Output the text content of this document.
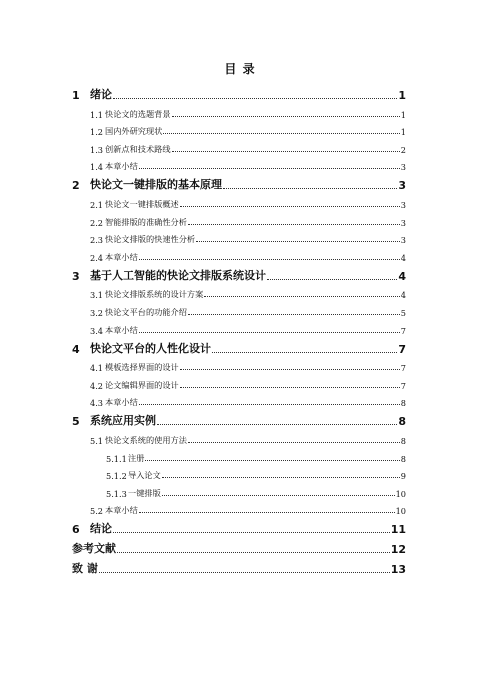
目 录
1 绪论	1
1.1 快论文的选题背景	1
1.2 国内外研究现状	1
1.3 创新点和技术路线	2
1.4 本章小结	3
2 快论文一键排版的基本原理	3
2.1 快论文一键排版概述	3
2.2 智能排版的准确性分析	3
2.3 快论文排版的快速性分析	3
2.4 本章小结	4
3 基于人工智能的快论文排版系统设计	4
3.1 快论文排版系统的设计方案	4
3.2 快论文平台的功能介绍	5
3.4 本章小结	7
4 快论文平台的人性化设计	7
4.1 模板选择界面的设计	7
4.2 论文编辑界面的设计	7
4.3 本章小结	8
5 系统应用实例	8
5.1 快论文系统的使用方法	8
5.1.1 注册	8
5.1.2 导入论文	9
5.1.3 一键排版	10
5.2 本章小结	10
6 结论	11
参考文献	12
致 谢	13
